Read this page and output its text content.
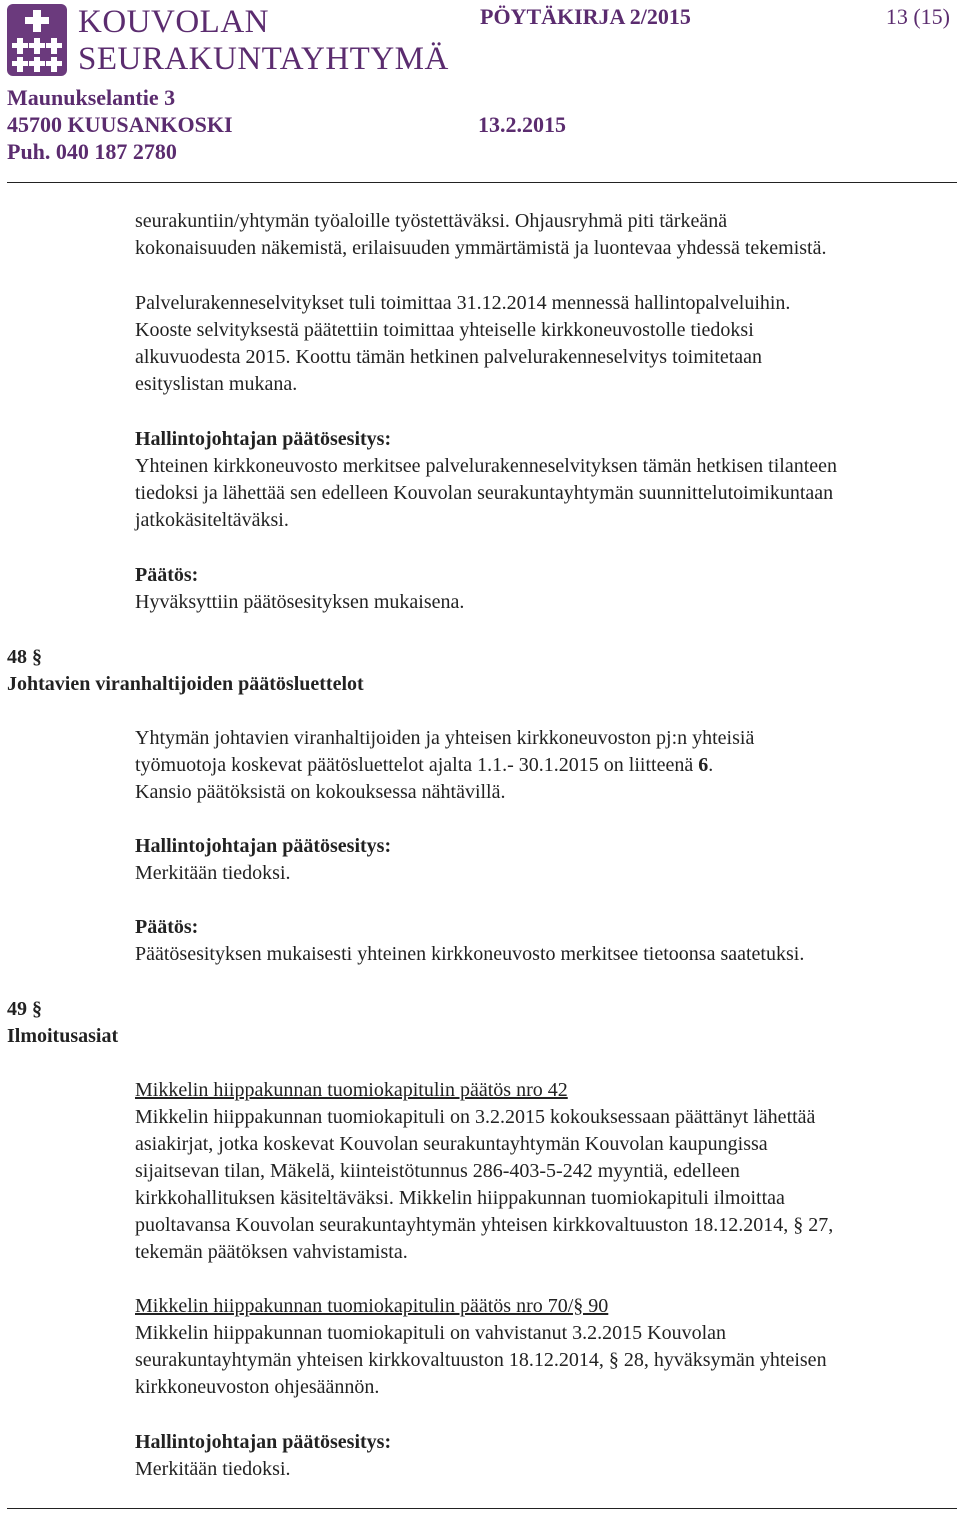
KOUVOLAN
SEURAKUNTAYHTYMÄ
Maunukselantie 3
45700 KUUSANKOSKI
Puh. 040 187 2780
PÖYTÄKIRJA 2/2015	13 (15)
13.2.2015
seurakuntiin/yhtymän työaloille työstettäväksi. Ohjausryhmä piti tärkeänä
kokonaisuuden näkemistä, erilaisuuden ymmärtämistä ja luontevaa yhdessä tekemistä.
Palvelurakenneselvitykset tuli toimittaa 31.12.2014 mennessä hallintopalveluihin.
Kooste selvityksestä päätettiin toimittaa yhteiselle kirkkoneuvostolle tiedoksi
alkuvuodesta 2015. Koottu tämän hetkinen palvelurakenneselvitys toimitetaan
esityslistan mukana.
Hallintojohtajan päätösesitys:
Yhteinen kirkkoneuvosto merkitsee palvelurakenneselvityksen tämän hetkisen tilanteen
tiedoksi ja lähettää sen edelleen Kouvolan seurakuntayhtymän suunnittelutoimikuntaan
jatkokäsiteltäväksi.
Päätös:
Hyväksyttiin päätösesityksen mukaisena.
48 §
Johtavien viranhaltijoiden päätösluettelot
Yhtymän johtavien viranhaltijoiden ja yhteisen kirkkoneuvoston pj:n yhteisiä
työmuotoja koskevat päätösluettelot ajalta 1.1.- 30.1.2015 on liitteenä 6.
Kansio päätöksistä on kokouksessa nähtävillä.
Hallintojohtajan päätösesitys:
Merkitään tiedoksi.
Päätös:
Päätösesityksen mukaisesti yhteinen kirkkoneuvosto merkitsee tietoonsa saatetuksi.
49 §
Ilmoitusasiat
Mikkelin hiippakunnan tuomiokapitulin päätös nro 42
Mikkelin hiippakunnan tuomiokapituli on 3.2.2015 kokouksessaan päättänyt lähettää
asiakirjat, jotka koskevat Kouvolan seurakuntayhtymän Kouvolan kaupungissa
sijaitsevan tilan, Mäkelä, kiinteistötunnus 286-403-5-242 myyntiä, edelleen
kirkkohallituksen käsiteltäväksi. Mikkelin hiippakunnan tuomiokapituli ilmoittaa
puoltavansa Kouvolan seurakuntayhtymän yhteisen kirkkovaltuuston 18.12.2014, § 27,
tekemän päätöksen vahvistamista.
Mikkelin hiippakunnan tuomiokapitulin päätös nro 70/§ 90
Mikkelin hiippakunnan tuomiokapituli on vahvistanut 3.2.2015 Kouvolan
seurakuntayhtymän yhteisen kirkkovaltuuston 18.12.2014, § 28, hyväksymän yhteisen
kirkkoneuvoston ohjesäännön.
Hallintojohtajan päätösesitys:
Merkitään tiedoksi.
